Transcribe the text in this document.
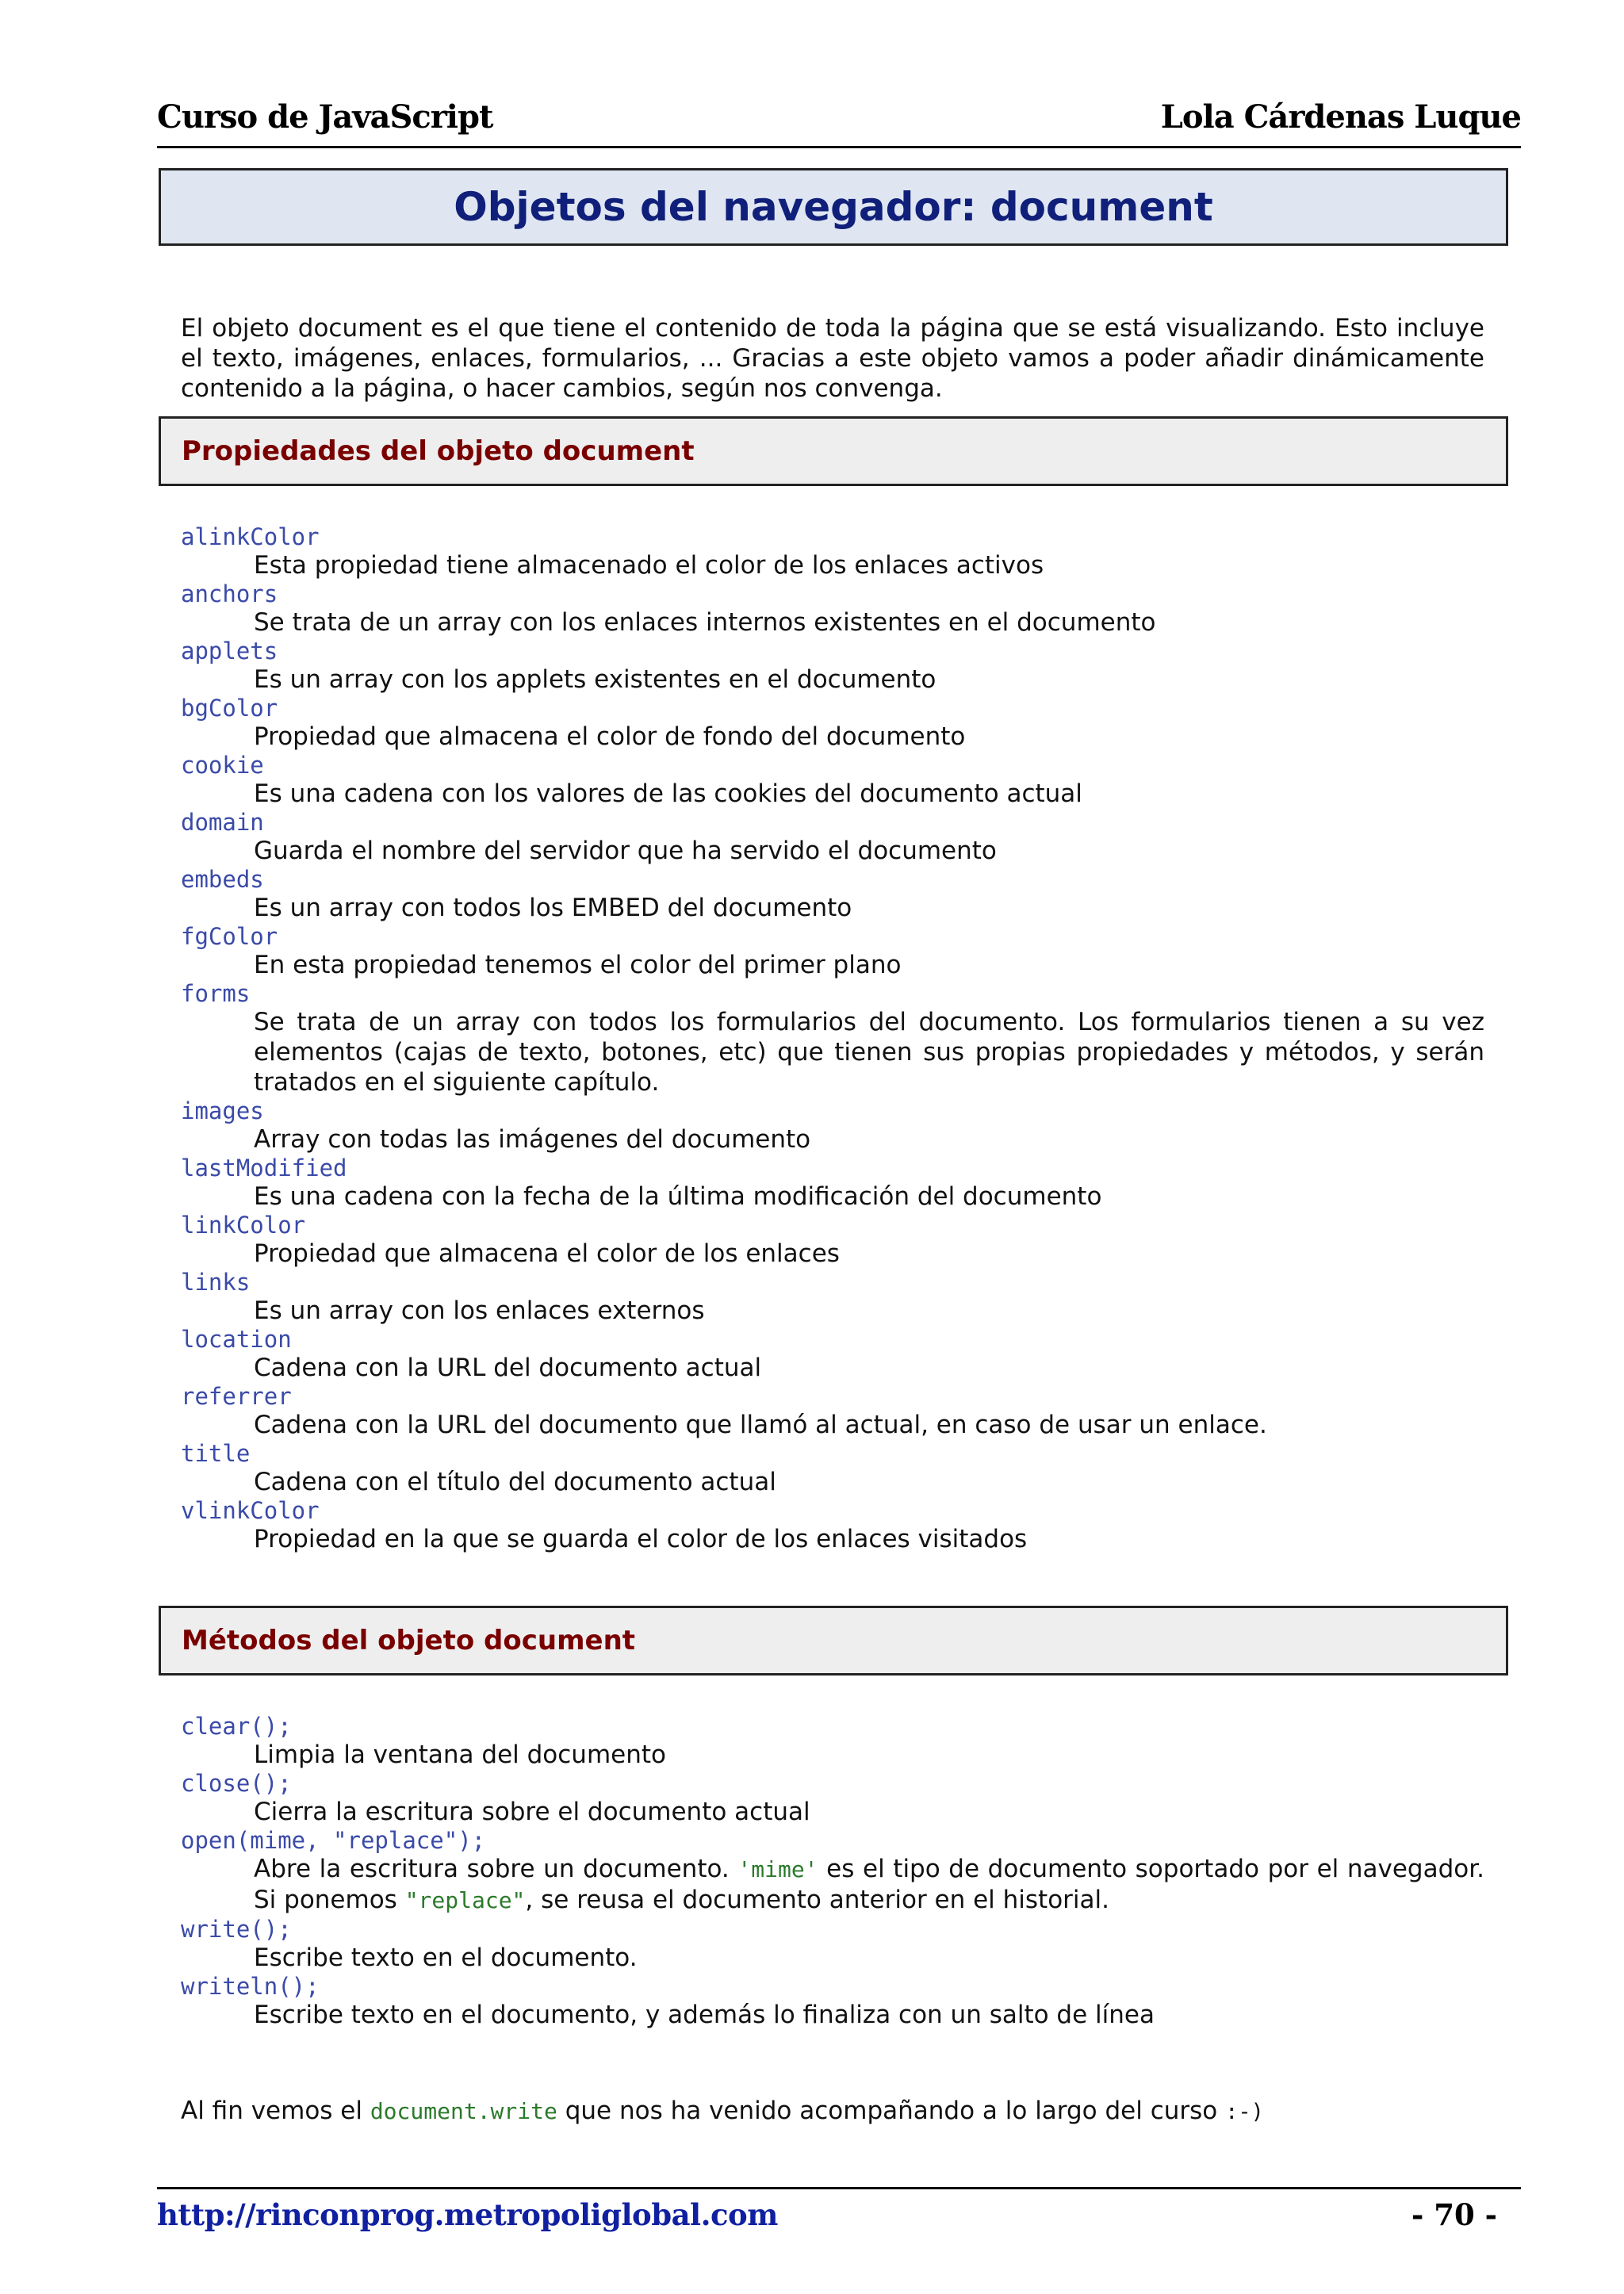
Curso de JavaScript	Lola Cárdenas Luque
Objetos del navegador: document

El objeto document es el que tiene el contenido de toda la página que se está visualizando. Esto incluye el texto, imágenes, enlaces, formularios, ... Gracias a este objeto vamos a poder añadir dinámicamente contenido a la página, o hacer cambios, según nos convenga.

Propiedades del objeto document
alinkColor
Esta propiedad tiene almacenado el color de los enlaces activos
anchors
Se trata de un array con los enlaces internos existentes en el documento
applets
Es un array con los applets existentes en el documento
bgColor
Propiedad que almacena el color de fondo del documento
cookie
Es una cadena con los valores de las cookies del documento actual
domain
Guarda el nombre del servidor que ha servido el documento
embeds
Es un array con todos los EMBED del documento
fgColor
En esta propiedad tenemos el color del primer plano
forms
Se trata de un array con todos los formularios del documento. Los formularios tienen a su vez elementos (cajas de texto, botones, etc) que tienen sus propias propiedades y métodos, y serán tratados en el siguiente capítulo.
images
Array con todas las imágenes del documento
lastModified
Es una cadena con la fecha de la última modificación del documento
linkColor
Propiedad que almacena el color de los enlaces
links
Es un array con los enlaces externos
location
Cadena con la URL del documento actual
referrer
Cadena con la URL del documento que llamó al actual, en caso de usar un enlace.
title
Cadena con el título del documento actual
vlinkColor
Propiedad en la que se guarda el color de los enlaces visitados
Métodos del objeto document
clear();
Limpia la ventana del documento
close();
Cierra la escritura sobre el documento actual
open(mime, "replace");
Abre la escritura sobre un documento. 'mime' es el tipo de documento soportado por el navegador. Si ponemos "replace", se reusa el documento anterior en el historial.
write();
Escribe texto en el documento.
writeln();
Escribe texto en el documento, y además lo finaliza con un salto de línea

Al fin vemos el document.write que nos ha venido acompañando a lo largo del curso :-)

http://rinconprog.metropoliglobal.com	- 70 -
